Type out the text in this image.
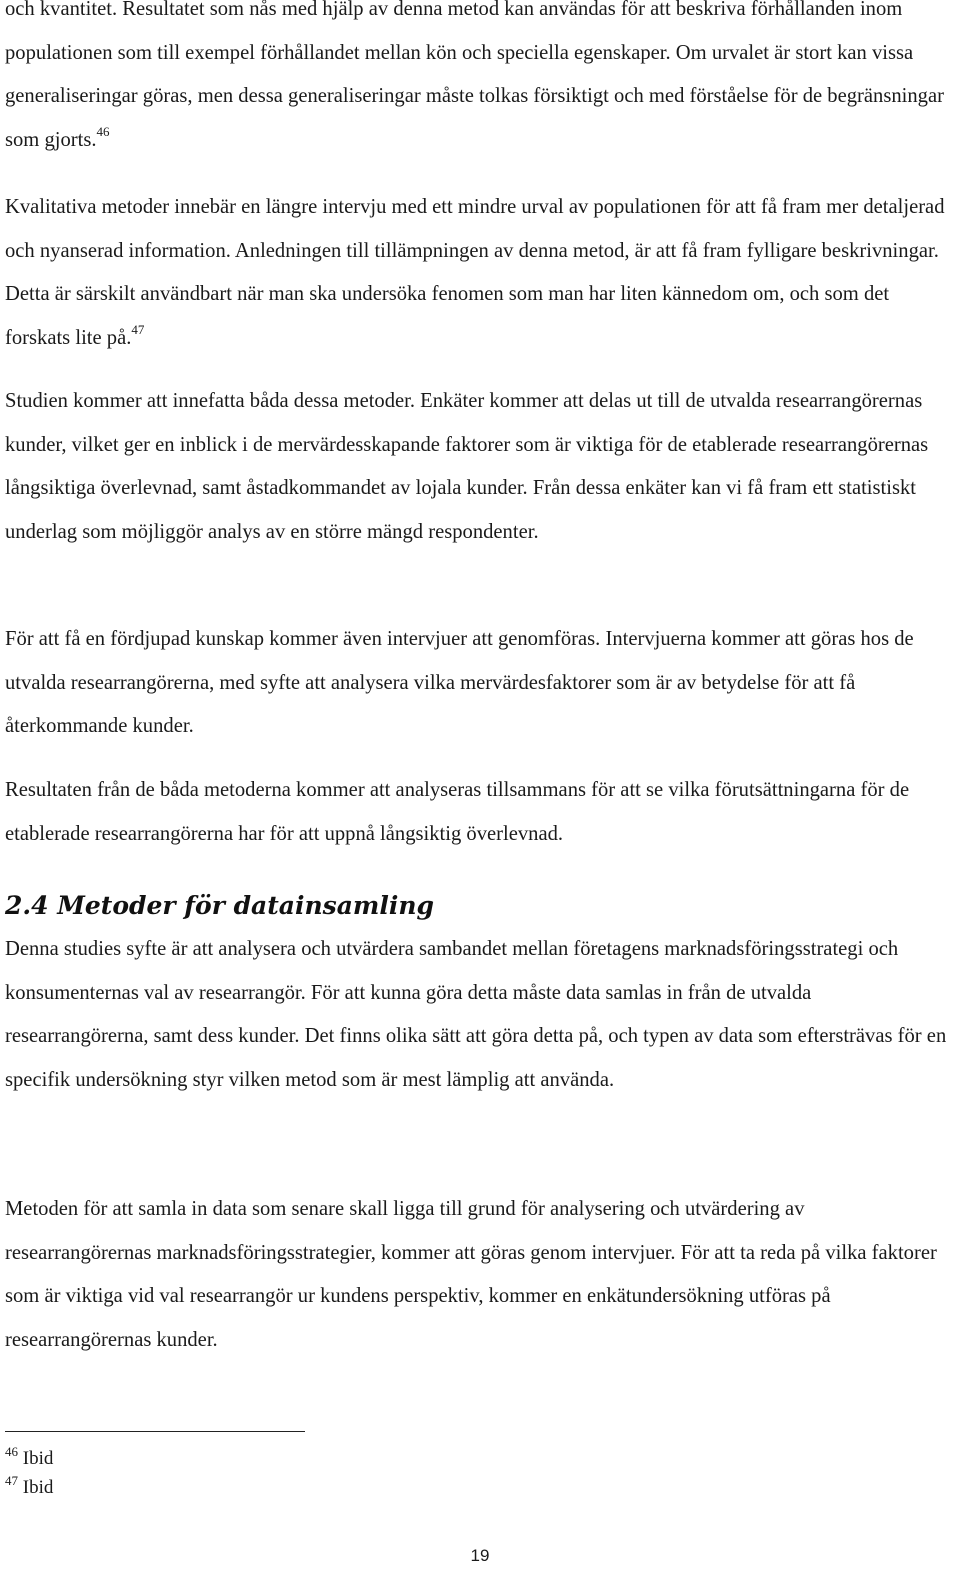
och kvantitet. Resultatet som nås med hjälp av denna metod kan användas för att beskriva förhållanden inom populationen som till exempel förhållandet mellan kön och speciella egenskaper. Om urvalet är stort kan vissa generaliseringar göras, men dessa generaliseringar måste tolkas försiktigt och med förståelse för de begränsningar som gjorts.$^{46}$

Kvalitativa metoder innebär en längre intervju med ett mindre urval av populationen för att få fram mer detaljerad och nyanserad information. Anledningen till tillämpningen av denna metod, är att få fram fylligare beskrivningar. Detta är särskilt användbart när man ska undersöka fenomen som man har liten kännedom om, och som det forskats lite på.$^{47}$

Studien kommer att innefatta båda dessa metoder. Enkäter kommer att delas ut till de utvalda researrangörernas kunder, vilket ger en inblick i de mervärdesskapande faktorer som är viktiga för de etablerade researrangörernas långsiktiga överlevnad, samt åstadkommandet av lojala kunder. Från dessa enkäter kan vi få fram ett statistiskt underlag som möjliggör analys av en större mängd respondenter.

För att få en fördjupad kunskap kommer även intervjuer att genomföras. Intervjuerna kommer att göras hos de utvalda researrangörerna, med syfte att analysera vilka mervärdesfaktorer som är av betydelse för att få återkommande kunder.

Resultaten från de båda metoderna kommer att analyseras tillsammans för att se vilka förutsättningarna för de etablerade researrangörerna har för att uppnå långsiktig överlevnad.

2.4 Metoder för datainsamling

Denna studies syfte är att analysera och utvärdera sambandet mellan företagens marknadsföringsstrategi och konsumenternas val av researrangör. För att kunna göra detta måste data samlas in från de utvalda researrangörerna, samt dess kunder. Det finns olika sätt att göra detta på, och typen av data som eftersträvas för en specifik undersökning styr vilken metod som är mest lämplig att använda.

Metoden för att samla in data som senare skall ligga till grund för analysering och utvärdering av researrangörernas marknadsföringsstrategier, kommer att göras genom intervjuer. För att ta reda på vilka faktorer som är viktiga vid val researrangör ur kundens perspektiv, kommer en enkätundersökning utföras på researrangörernas kunder.

$^{46}$ Ibid
$^{47}$ Ibid
19
